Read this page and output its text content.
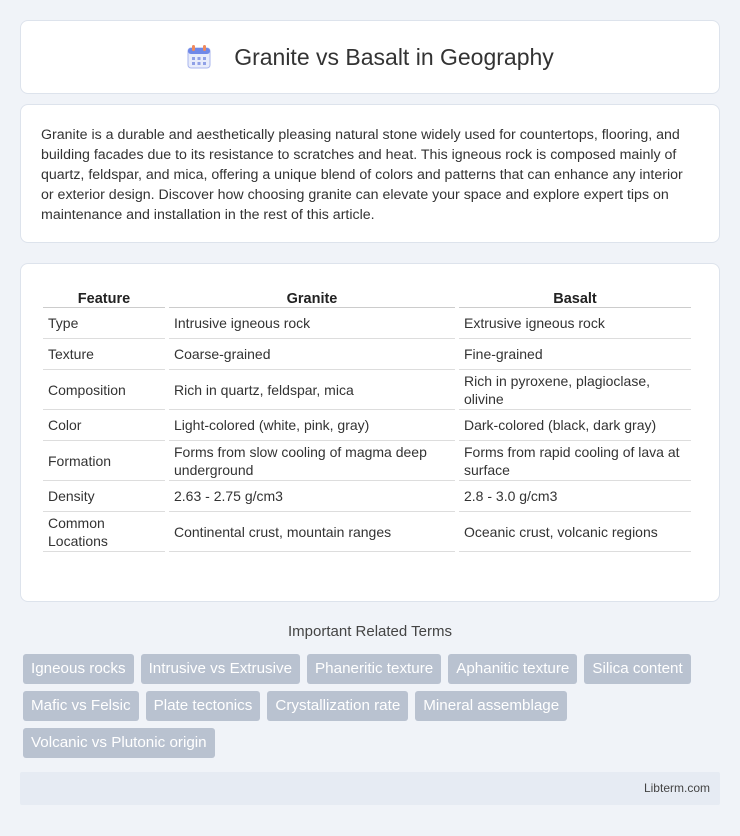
Granite vs Basalt in Geography

Granite is a durable and aesthetically pleasing natural stone widely used for countertops, flooring, and building facades due to its resistance to scratches and heat. This igneous rock is composed mainly of quartz, feldspar, and mica, offering a unique blend of colors and patterns that can enhance any interior or exterior design. Discover how choosing granite can elevate your space and explore expert tips on maintenance and installation in the rest of this article.

Feature	Granite	Basalt
Type	Intrusive igneous rock	Extrusive igneous rock
Texture	Coarse-grained	Fine-grained
Composition	Rich in quartz, feldspar, mica	Rich in pyroxene, plagioclase, olivine
Color	Light-colored (white, pink, gray)	Dark-colored (black, dark gray)
Formation	Forms from slow cooling of magma deep underground	Forms from rapid cooling of lava at surface
Density	2.63 - 2.75 g/cm3	2.8 - 3.0 g/cm3
Common Locations	Continental crust, mountain ranges	Oceanic crust, volcanic regions
Important Related Terms
Igneous rocks	Intrusive vs Extrusive	Phaneritic texture	Aphanitic texture	Silica content
Mafic vs Felsic	Plate tectonics	Crystallization rate	Mineral assemblage
Volcanic vs Plutonic origin
Libterm.com
